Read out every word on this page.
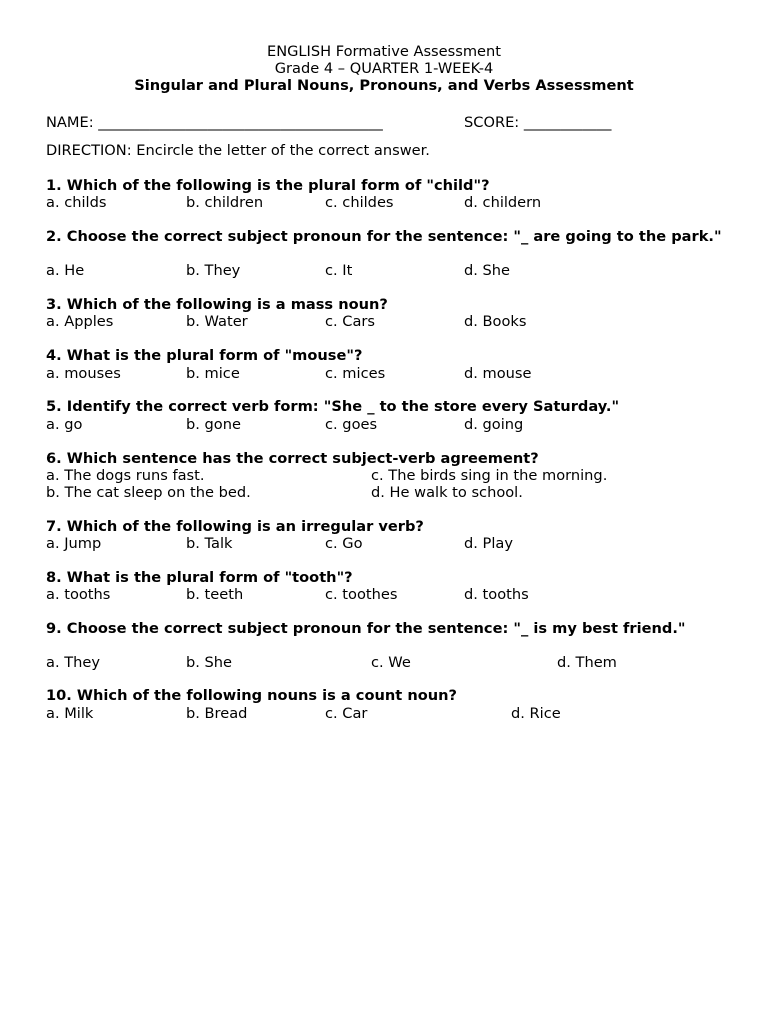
ENGLISH Formative Assessment
Grade 4 – QUARTER 1-WEEK-4
Singular and Plural Nouns, Pronouns, and Verbs Assessment
NAME: _______________________________________	SCORE: ____________
DIRECTION: Encircle the letter of the correct answer.
1. Which of the following is the plural form of "child"?
a. childs	b. children	c. childes	d. childern
2. Choose the correct subject pronoun for the sentence: "_ are going to the park."
a. He	b. They	c. It	d. She
3. Which of the following is a mass noun?
a. Apples	b. Water	c. Cars	d. Books
4. What is the plural form of "mouse"?
a. mouses	b. mice	c. mices	d. mouse
5. Identify the correct verb form: "She _ to the store every Saturday."
a. go	b. gone	c. goes	d. going
6. Which sentence has the correct subject-verb agreement?
a. The dogs runs fast.	c. The birds sing in the morning.
b. The cat sleep on the bed.	d. He walk to school.
7. Which of the following is an irregular verb?
a. Jump	b. Talk	c. Go	d. Play
8. What is the plural form of "tooth"?
a. tooths	b. teeth	c. toothes	d. tooths
9. Choose the correct subject pronoun for the sentence: "_ is my best friend."
a. They	b. She	c. We	d. Them
10. Which of the following nouns is a count noun?
a. Milk	b. Bread	c. Car	d. Rice
